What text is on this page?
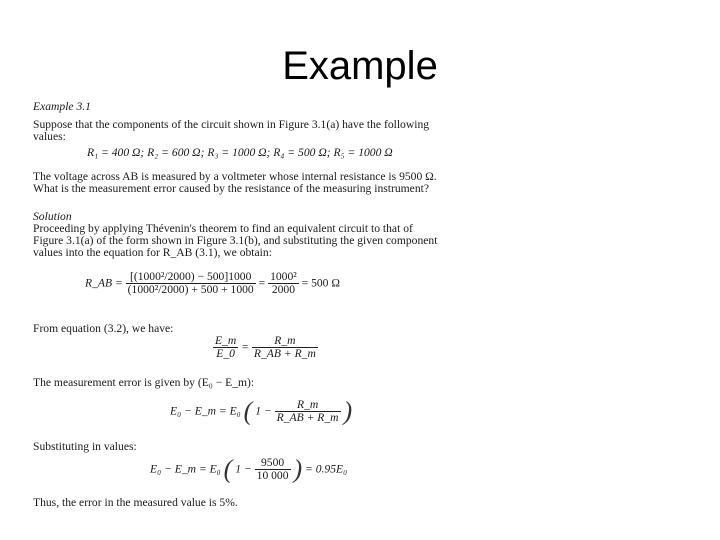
Example
Example 3.1
Suppose that the components of the circuit shown in Figure 3.1(a) have the following
values:
R₁ = 400 Ω; R₂ = 600 Ω; R₃ = 1000 Ω; R₄ = 500 Ω; R₅ = 1000 Ω
The voltage across AB is measured by a voltmeter whose internal resistance is 9500 Ω.
What is the measurement error caused by the resistance of the measuring instrument?
Solution
Proceeding by applying Thévenin's theorem to find an equivalent circuit to that of
Figure 3.1(a) of the form shown in Figure 3.1(b), and substituting the given component
values into the equation for R_AB (3.1), we obtain:
R_AB = $\frac{\text{[(1000²/2000) − 500]1000}}{\text{(1000²/2000) + 500 + 1000}} = \frac{\text{1000²}}{2000} = 500$ Ω
From equation (3.2), we have:
$\frac{E\_m}{E\_0} = \frac{R\_m}{R\_AB + R\_m}$
The measurement error is given by (E₀ − E_m):
E₀ − E_m = E₀ ( $1 - \frac{R\_m}{R\_AB + R\_m}$ )
Substituting in values:
E₀ − E_m = E₀ ( $1 - \frac{9500}{10 000}$ ) = 0.95E₀
Thus, the error in the measured value is 5%.
